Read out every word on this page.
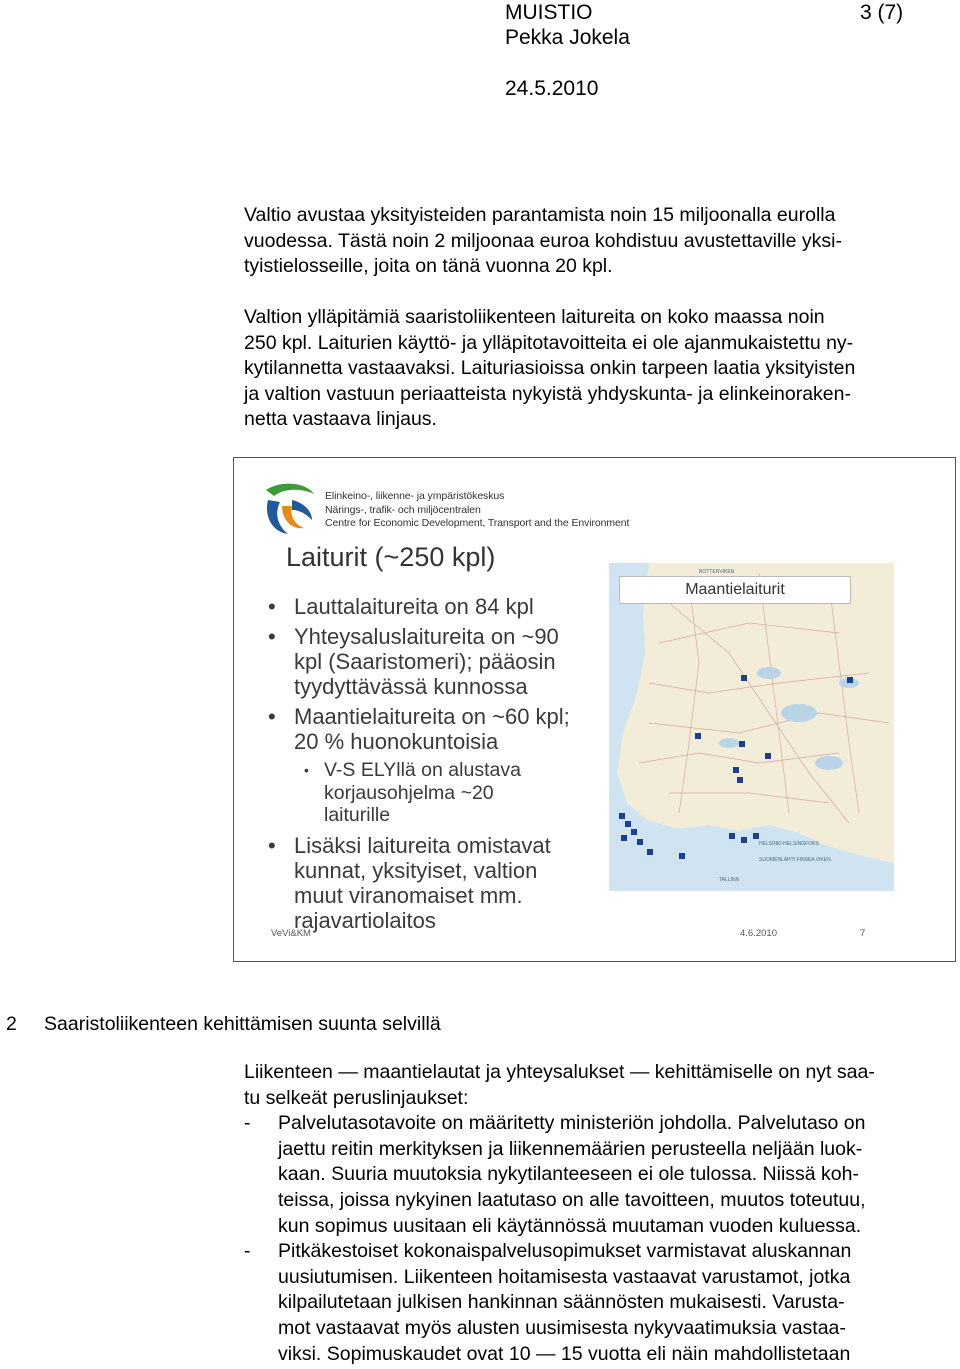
MUISTIO	3 (7)
Pekka Jokela
24.5.2010

Valtio avustaa yksityisteiden parantamista noin 15 miljoonalla eurolla

vuodessa. Tästä noin 2 miljoonaa euroa kohdistuu avustettaville yksi-

tyistielosseille, joita on tänä vuonna 20 kpl.

Valtion ylläpitämiä saaristoliikenteen laitureita on koko maassa noin

250 kpl. Laiturien käyttö- ja ylläpitotavoitteita ei ole ajanmukaistettu ny-

kytilannetta vastaavaksi. Laituriasioissa onkin tarpeen laatia yksityisten

ja valtion vastuun periaatteista nykyistä yhdyskunta- ja elinkeinoraken-

netta vastaava linjaus.

Elinkeino-, liikenne- ja ympäristökeskus
Närings-, trafik- och miljöcentralen
Centre for Economic Development, Transport and the Environment
Laiturit (~250 kpl)
• Lauttalaitureita on 84 kpl
• Yhteysaluslaitureita on ~90
kpl (Saaristomeri); pääosin
tyydyttävässä kunnossa
• Maantielaitureita on ~60 kpl;
20 % huonokuntoisia
• V-S ELYllä on alustava
korjausohjelma ~20
laiturille
• Lisäksi laitureita omistavat
kunnat, yksityiset, valtion
muut viranomaiset mm.
rajavartiolaitos
BOTTENVIKEN
HELSINKI HELSINGFORS
SUOMENLAHTI FINSKA VIKEN
TALLINN
Maantielaiturit
VeVi&KM	4.6.2010	7
2 Saaristoliikenteen kehittämisen suunta selvillä
Liikenteen — maantielautat ja yhteysalukset — kehittämiselle on nyt saa-
tu selkeät peruslinjaukset:
- Palvelutasotavoite on määritetty ministeriön johdolla. Palvelutaso on
jaettu reitin merkityksen ja liikennemäärien perusteella neljään luok-
kaan. Suuria muutoksia nykytilanteeseen ei ole tulossa. Niissä koh-
teissa, joissa nykyinen laatutaso on alle tavoitteen, muutos toteutuu,
kun sopimus uusitaan eli käytännössä muutaman vuoden kuluessa.
- Pitkäkestoiset kokonaispalvelusopimukset varmistavat aluskannan
uusiutumisen. Liikenteen hoitamisesta vastaavat varustamot, jotka
kilpailutetaan julkisen hankinnan säännösten mukaisesti. Varusta-
mot vastaavat myös alusten uusimisesta nykyvaatimuksia vastaa-
viksi. Sopimuskaudet ovat 10 — 15 vuotta eli näin mahdollistetaan
